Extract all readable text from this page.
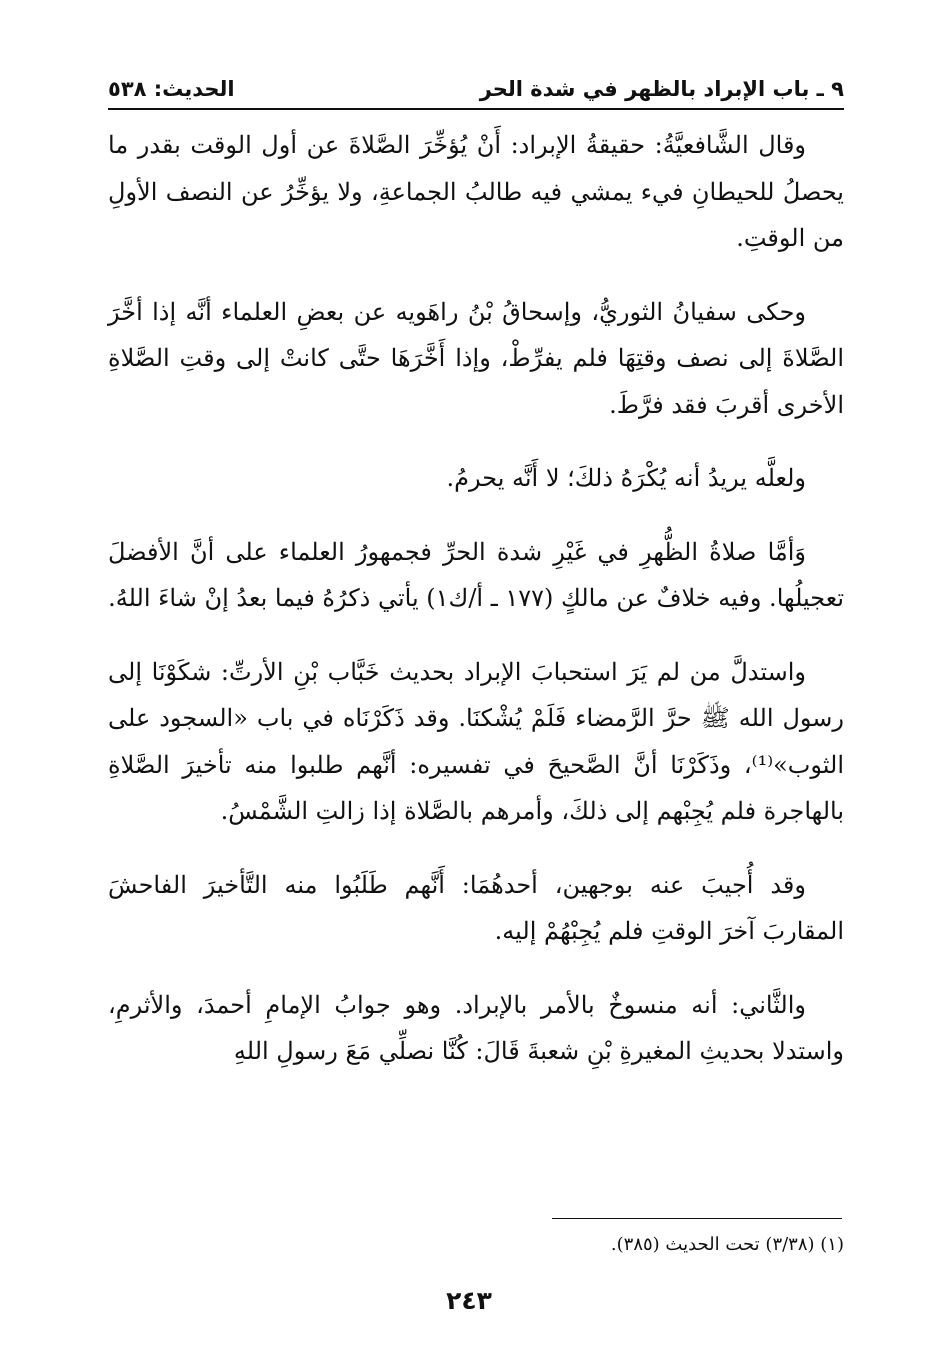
٩ ـ باب الإبراد بالظهر في شدة الحر
الحديث: ٥٣٨

وقال الشَّافعيَّةُ: حقيقةُ الإبراد: أَنْ يُؤخِّرَ الصَّلاةَ عن أول الوقت بقدر ما يحصلُ للحيطانِ فيء يمشي فيه طالبُ الجماعةِ، ولا يؤخِّرُ عن النصف الأولِ من الوقتِ.

وحكى سفيانُ الثوريُّ، وإسحاقُ بْنُ راهَويه عن بعضِ العلماء أنَّه إذا أخَّرَ الصَّلاةَ إلى نصف وقتِهَا فلم يفرِّطْ، وإذا أَخَّرَهَا حتَّى كانتْ إلى وقتِ الصَّلاةِ الأخرى أقربَ فقد فرَّطَ.

ولعلَّه يريدُ أنه يُكْرَهُ ذلكَ؛ لا أَنَّه يحرمُ.

وَأمَّا صلاةُ الظُّهرِ في غَيْرِ شدة الحرِّ فجمهورُ العلماء على أنَّ الأفضلَ تعجيلُها. وفيه خلافٌ عن مالكٍ (١٧٧ ـ أ/ك١) يأتي ذكرُهُ فيما بعدُ إنْ شاءَ اللهُ.

واستدلَّ من لم يَرَ استحبابَ الإبراد بحديث خَبَّاب بْنِ الأرتِّ: شكَوْنَا إلى رسول الله ﷺ حرَّ الرَّمضاء فَلَمْ يُشْكنَا. وقد ذَكَرْنَاه في باب «السجود على الثوب»⁽¹⁾، وذَكَرْنَا أنَّ الصَّحيحَ في تفسيره: أنَّهم طلبوا منه تأخيرَ الصَّلاةِ بالهاجرة فلم يُجِبْهم إلى ذلكَ، وأمرهم بالصَّلاة إذا زالتِ الشَّمْسُ.

وقد أُجيبَ عنه بوجهين، أحدهُمَا: أَنَّهم طَلَبُوا منه التَّأخيرَ الفاحشَ المقاربَ آخرَ الوقتِ فلم يُجِبْهُمْ إليه.

والثَّاني: أنه منسوخٌ بالأمر بالإبراد. وهو جوابُ الإمامِ أحمدَ، والأثرمِ، واستدلا بحديثِ المغيرةِ بْنِ شعبةَ قَالَ: كُنَّا نصلِّي مَعَ رسولِ اللهِ

(١) (٣/٣٨) تحت الحديث (٣٨٥).
٢٤٣
